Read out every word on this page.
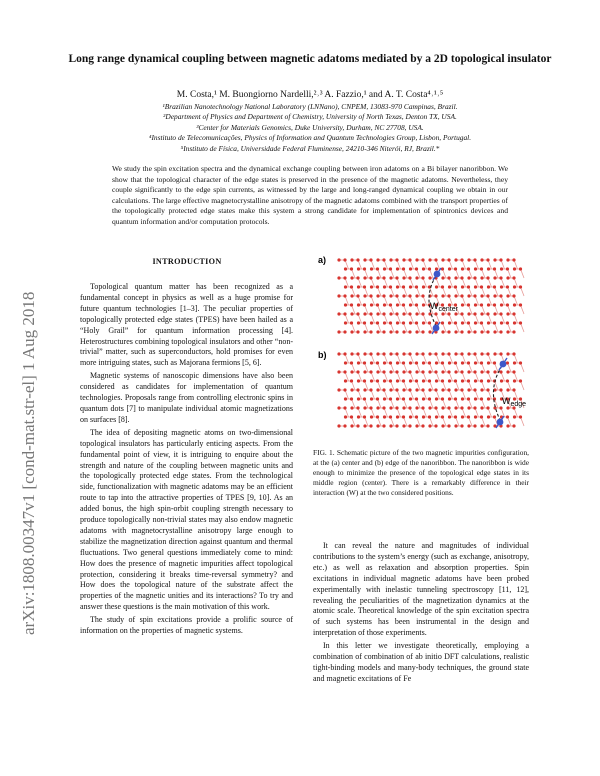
arXiv:1808.00347v1 [cond-mat.str-el] 1 Aug 2018
Long range dynamical coupling between magnetic adatoms mediated by a 2D topological insulator
M. Costa,¹ M. Buongiorno Nardelli,²˒³ A. Fazzio,¹ and A. T. Costa⁴˒¹˒⁵
¹Brazilian Nanotechnology National Laboratory (LNNano), CNPEM, 13083-970 Campinas, Brazil.
²Department of Physics and Department of Chemistry, University of North Texas, Denton TX, USA.
³Center for Materials Genomics, Duke University, Durham, NC 27708, USA.
⁴Instituto de Telecomunicações, Physics of Information and Quantum Technologies Group, Lisbon, Portugal.
⁵Instituto de Física, Universidade Federal Fluminense, 24210-346 Niterói, RJ, Brazil.*
We study the spin excitation spectra and the dynamical exchange coupling between iron adatoms on a Bi bilayer nanoribbon. We show that the topological character of the edge states is preserved in the presence of the magnetic adatoms. Nevertheless, they couple significantly to the edge spin currents, as witnessed by the large and long-ranged dynamical coupling we obtain in our calculations. The large effective magnetocrystalline anisotropy of the magnetic adatoms combined with the transport properties of the topologically protected edge states make this system a strong candidate for implementation of spintronics devices and quantum information and/or computation protocols.
INTRODUCTION

Topological quantum matter has been recognized as a fundamental concept in physics as well as a huge promise for future quantum technologies [1–3]. The peculiar properties of topologically protected edge states (TPES) have been hailed as a “Holy Grail” for quantum information processing [4]. Heterostructures combining topological insulators and other “non-trivial” matter, such as superconductors, hold promises for even more intriguing states, such as Majorana fermions [5, 6].

Magnetic systems of nanoscopic dimensions have also been considered as candidates for implementation of quantum technologies. Proposals range from controlling electronic spins in quantum dots [7] to manipulate individual atomic magnetizations on surfaces [8].

The idea of depositing magnetic atoms on two-dimensional topological insulators has particularly enticing aspects. From the fundamental point of view, it is intriguing to enquire about the strength and nature of the coupling between magnetic units and the topologically protected edge states. From the technological side, functionalization with magnetic adatoms may be an efficient route to tap into the attractive properties of TPES [9, 10]. As an added bonus, the high spin-orbit coupling strength necessary to produce topologically non-trivial states may also endow magnetic adatoms with magnetocrystalline anisotropy large enough to stabilize the magnetization direction against quantum and thermal fluctuations. Two general questions immediately come to mind: How does the presence of magnetic impurities affect topological protection, considering it breaks time-reversal symmetry? and How does the topological nature of the substrate affect the properties of the magnetic unities and its interactions? To try and answer these questions is the main motivation of this work.

The study of spin excitations provide a prolific source of information on the properties of magnetic systems.

a)
b)
$W_{center}$
$W_{edge}$
FIG. 1. Schematic picture of the two magnetic impurities configuration, at the (a) center and (b) edge of the nanoribbon. The nanoribbon is wide enough to minimize the presence of the topological edge states in its middle region (center). There is a remarkably difference in their interaction (W) at the two considered positions.

It can reveal the nature and magnitudes of individual contributions to the system’s energy (such as exchange, anisotropy, etc.) as well as relaxation and absorption properties. Spin excitations in individual magnetic adatoms have been probed experimentally with inelastic tunneling spectroscopy [11, 12], revealing the peculiarities of the magnetization dynamics at the atomic scale. Theoretical knowledge of the spin excitation spectra of such systems has been instrumental in the design and interpretation of those experiments.

In this letter we investigate theoretically, employing a combination of combination of ab initio DFT calculations, realistic tight-binding models and many-body techniques, the ground state and magnetic excitations of Fe
